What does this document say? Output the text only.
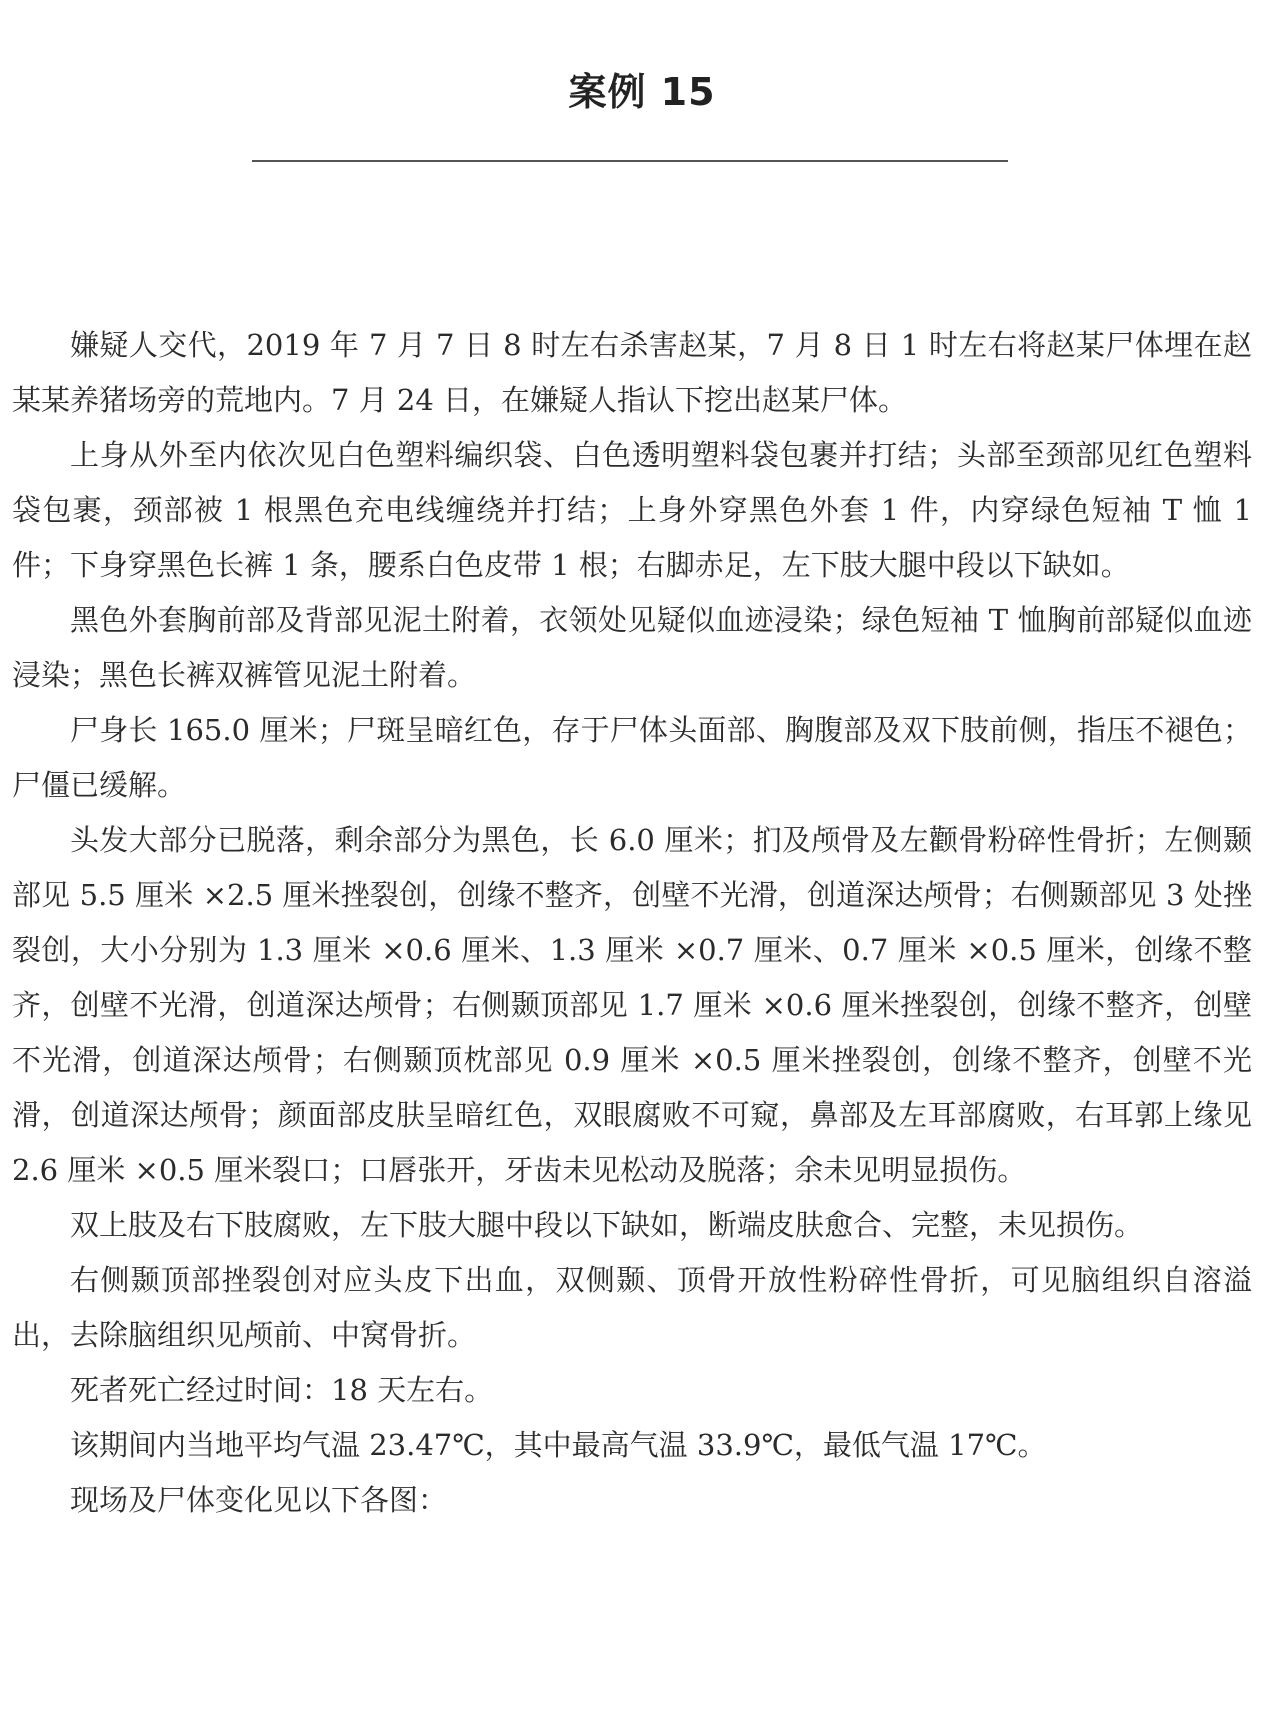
案例 15

嫌疑人交代，2019 年 7 月 7 日 8 时左右杀害赵某，7 月 8 日 1 时左右将赵某尸体埋在赵某某养猪场旁的荒地内。7 月 24 日，在嫌疑人指认下挖出赵某尸体。

上身从外至内依次见白色塑料编织袋、白色透明塑料袋包裹并打结；头部至颈部见红色塑料袋包裹，颈部被 1 根黑色充电线缠绕并打结；上身外穿黑色外套 1 件，内穿绿色短袖 T 恤 1 件；下身穿黑色长裤 1 条，腰系白色皮带 1 根；右脚赤足，左下肢大腿中段以下缺如。

黑色外套胸前部及背部见泥土附着，衣领处见疑似血迹浸染；绿色短袖 T 恤胸前部疑似血迹浸染；黑色长裤双裤管见泥土附着。

尸身长 165.0 厘米；尸斑呈暗红色，存于尸体头面部、胸腹部及双下肢前侧，指压不褪色；尸僵已缓解。

头发大部分已脱落，剩余部分为黑色，长 6.0 厘米；扪及颅骨及左颧骨粉碎性骨折；左侧颞部见 5.5 厘米 ×2.5 厘米挫裂创，创缘不整齐，创壁不光滑，创道深达颅骨；右侧颞部见 3 处挫裂创，大小分别为 1.3 厘米 ×0.6 厘米、1.3 厘米 ×0.7 厘米、0.7 厘米 ×0.5 厘米，创缘不整齐，创壁不光滑，创道深达颅骨；右侧颞顶部见 1.7 厘米 ×0.6 厘米挫裂创，创缘不整齐，创壁不光滑，创道深达颅骨；右侧颞顶枕部见 0.9 厘米 ×0.5 厘米挫裂创，创缘不整齐，创壁不光滑，创道深达颅骨；颜面部皮肤呈暗红色，双眼腐败不可窥，鼻部及左耳部腐败，右耳郭上缘见 2.6 厘米 ×0.5 厘米裂口；口唇张开，牙齿未见松动及脱落；余未见明显损伤。

双上肢及右下肢腐败，左下肢大腿中段以下缺如，断端皮肤愈合、完整，未见损伤。

右侧颞顶部挫裂创对应头皮下出血，双侧颞、顶骨开放性粉碎性骨折，可见脑组织自溶溢出，去除脑组织见颅前、中窝骨折。

死者死亡经过时间：18 天左右。

该期间内当地平均气温 23.47℃，其中最高气温 33.9℃，最低气温 17℃。

现场及尸体变化见以下各图：
